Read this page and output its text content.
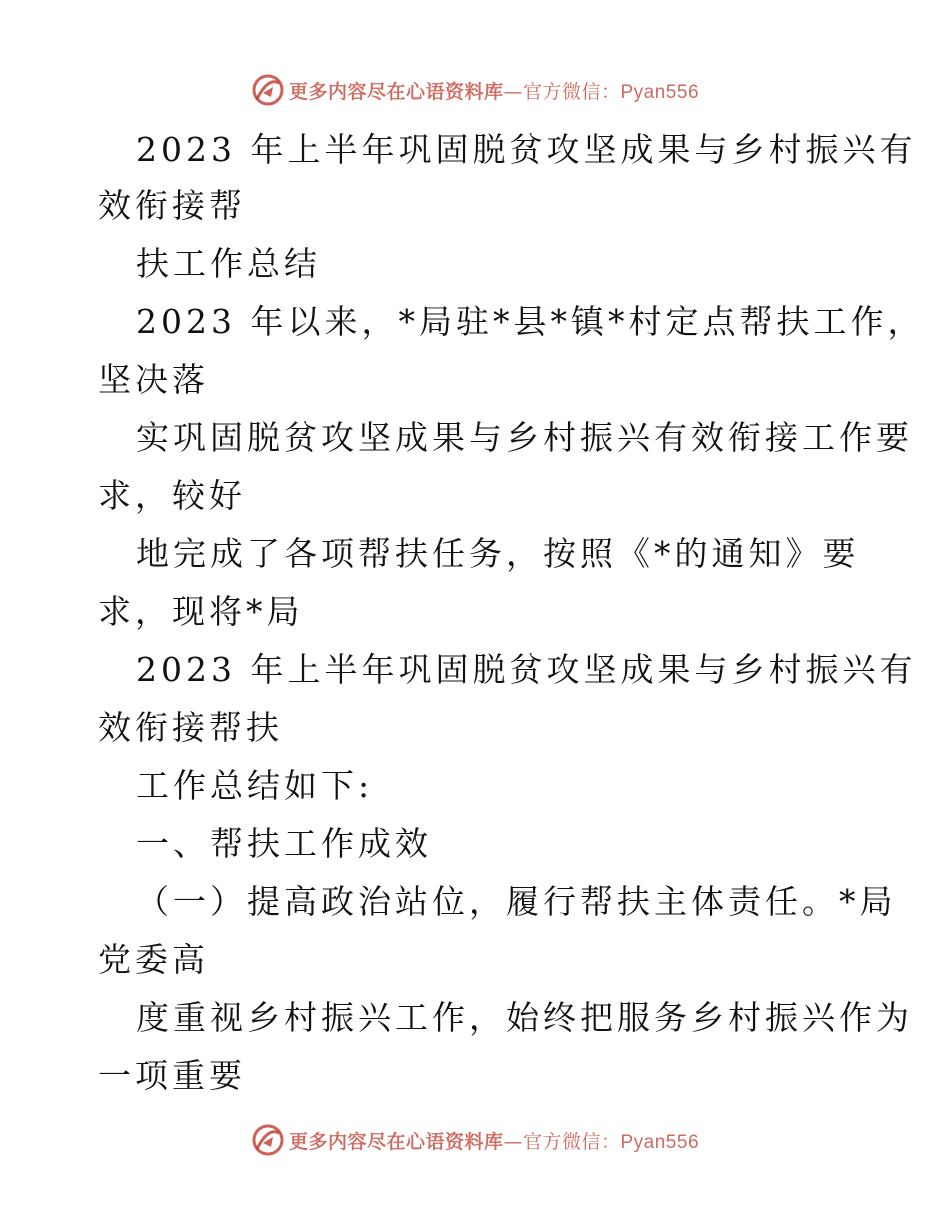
更多内容尽在心语资料库—官方微信：Pyan556
2023 年上半年巩固脱贫攻坚成果与乡村振兴有
效衔接帮
扶工作总结
2023 年以来，*局驻*县*镇*村定点帮扶工作，
坚决落
实巩固脱贫攻坚成果与乡村振兴有效衔接工作要
求，较好
地完成了各项帮扶任务，按照《*的通知》要
求，现将*局
2023 年上半年巩固脱贫攻坚成果与乡村振兴有
效衔接帮扶
工作总结如下:
一、帮扶工作成效
（一）提高政治站位，履行帮扶主体责任。*局
党委高
度重视乡村振兴工作，始终把服务乡村振兴作为
一项重要
更多内容尽在心语资料库—官方微信：Pyan556
